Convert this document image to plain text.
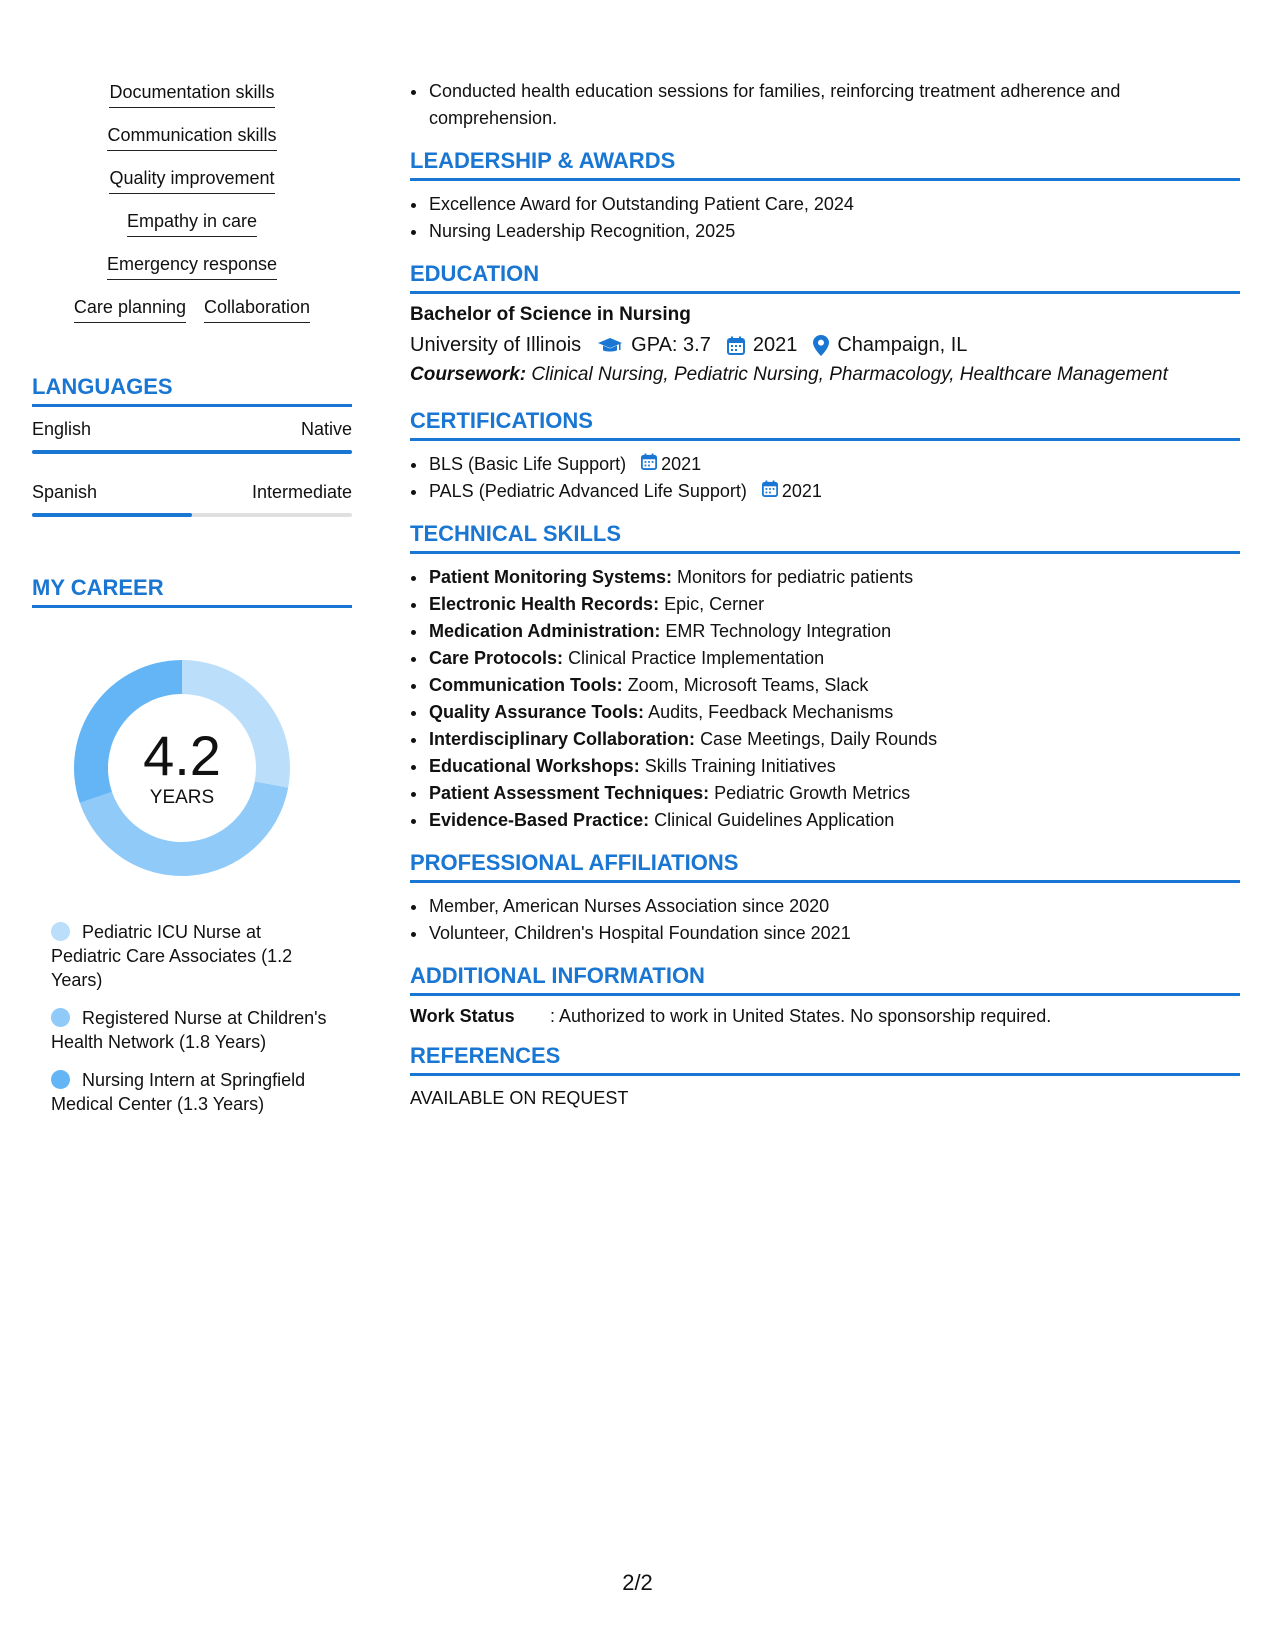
Documentation skills
Communication skills
Quality improvement
Empathy in care
Emergency response
Care planning Collaboration
LANGUAGES
English	Native
Spanish	Intermediate
MY CAREER
4.2
YEARS
Pediatric ICU Nurse at Pediatric Care Associates (1.2 Years)
Registered Nurse at Children's Health Network (1.8 Years)
Nursing Intern at Springfield Medical Center (1.3 Years)
• Conducted health education sessions for families, reinforcing treatment adherence and comprehension.
LEADERSHIP & AWARDS
• Excellence Award for Outstanding Patient Care, 2024
• Nursing Leadership Recognition, 2025
EDUCATION
Bachelor of Science in Nursing
University of Illinois	GPA: 3.7 2021 Champaign, IL
Coursework: Clinical Nursing, Pediatric Nursing, Pharmacology, Healthcare Management
CERTIFICATIONS
• BLS (Basic Life Support) 2021
• PALS (Pediatric Advanced Life Support) 2021
TECHNICAL SKILLS
• Patient Monitoring Systems: Monitors for pediatric patients
• Electronic Health Records: Epic, Cerner
• Medication Administration: EMR Technology Integration
• Care Protocols: Clinical Practice Implementation
• Communication Tools: Zoom, Microsoft Teams, Slack
• Quality Assurance Tools: Audits, Feedback Mechanisms
• Interdisciplinary Collaboration: Case Meetings, Daily Rounds
• Educational Workshops: Skills Training Initiatives
• Patient Assessment Techniques: Pediatric Growth Metrics
• Evidence-Based Practice: Clinical Guidelines Application
PROFESSIONAL AFFILIATIONS
• Member, American Nurses Association since 2020
• Volunteer, Children's Hospital Foundation since 2021
ADDITIONAL INFORMATION
Work Status	: Authorized to work in United States. No sponsorship required.
REFERENCES
AVAILABLE ON REQUEST
2/2
